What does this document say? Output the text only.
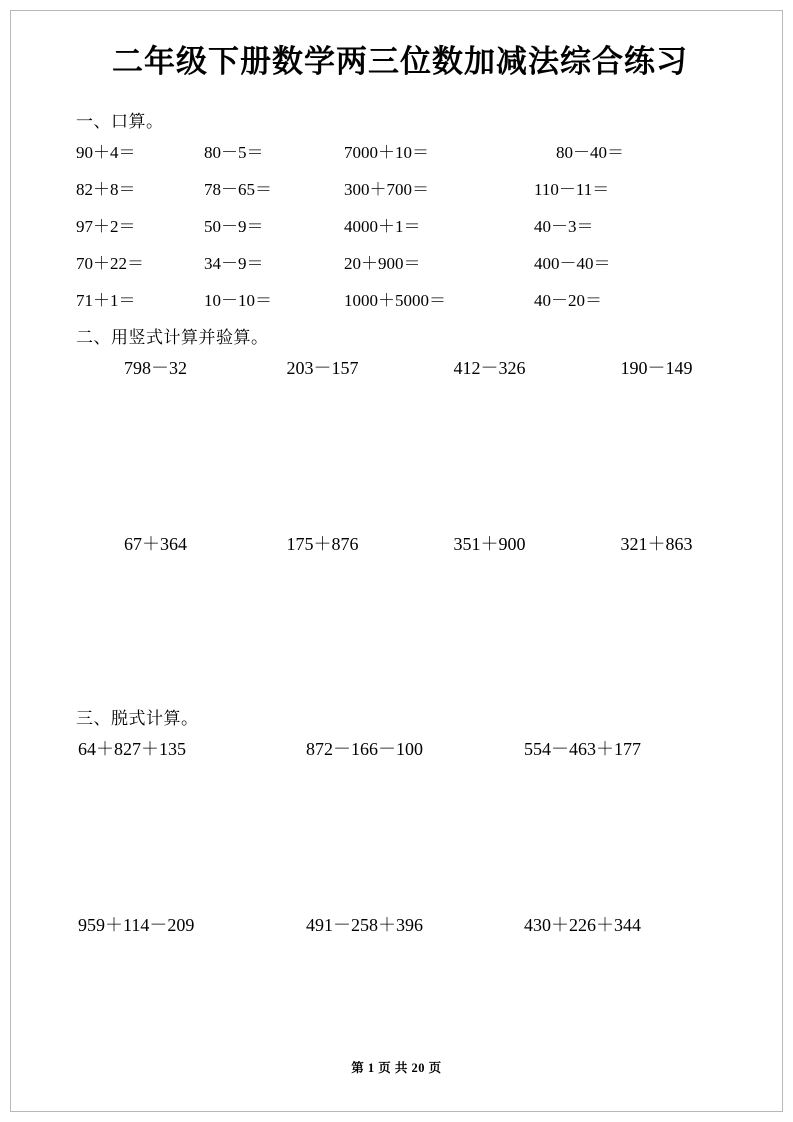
二年级下册数学两三位数加减法综合练习
一、口算。
90＋4＝	80－5＝	7000＋10＝	80－40＝
82＋8＝	78－65＝	300＋700＝	110－11＝
97＋2＝	50－9＝	4000＋1＝	40－3＝
70＋22＝	34－9＝	20＋900＝	400－40＝
71＋1＝	10－10＝	1000＋5000＝	40－20＝
二、用竖式计算并验算。
798－32	203－157	412－326	190－149
67＋364	175＋876	351＋900	321＋863
三、脱式计算。
64＋827＋135	872－166－100	554－463＋177
959＋114－209	491－258＋396	430＋226＋344
第 1 页 共 20 页
